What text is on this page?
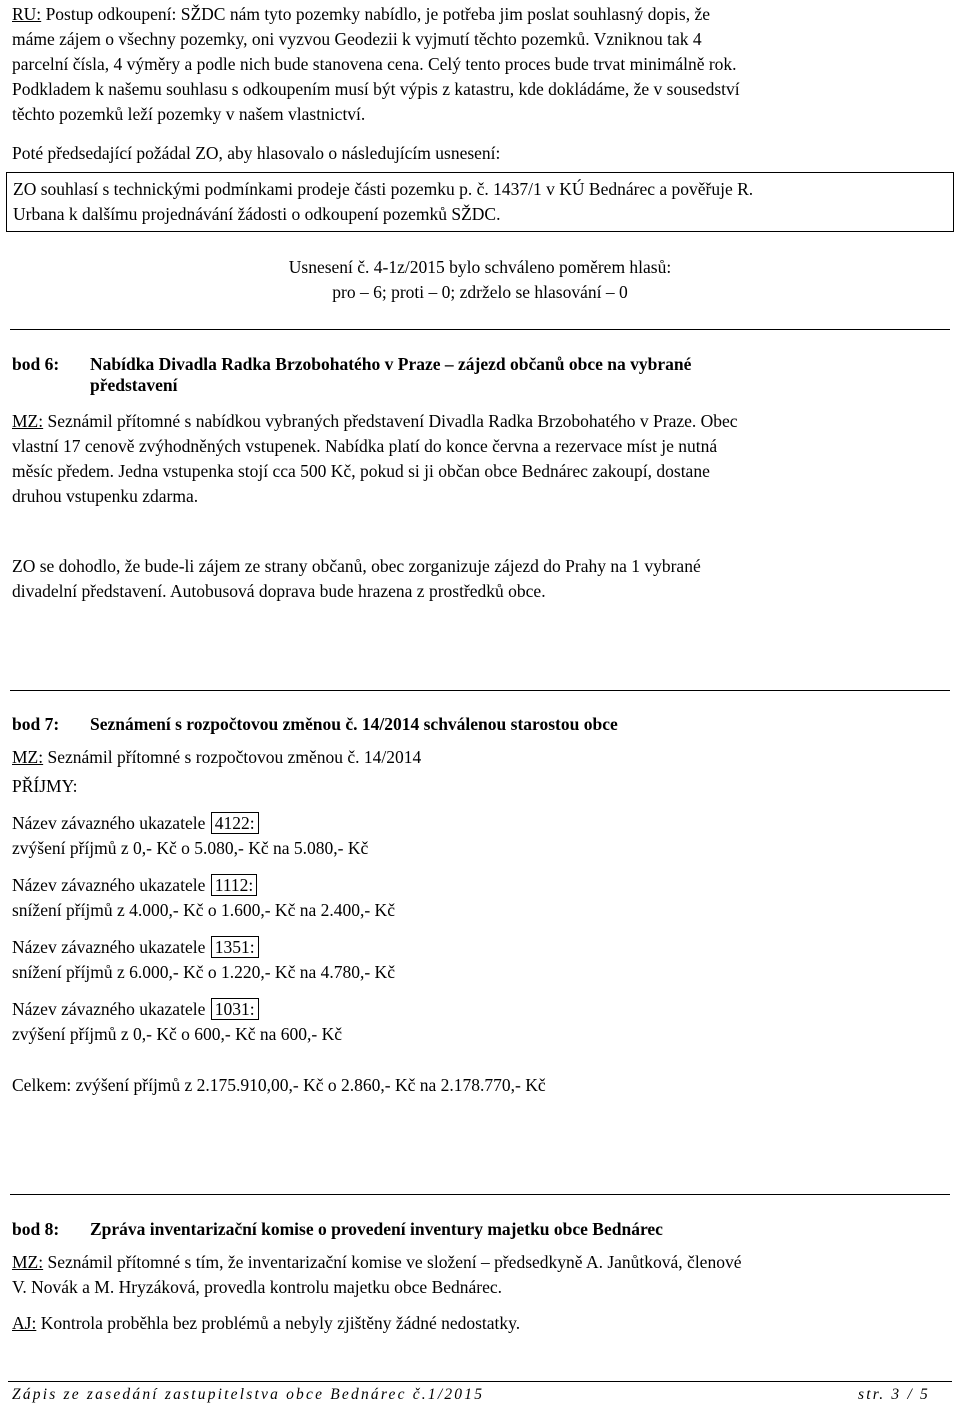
RU: Postup odkoupení: SŽDC nám tyto pozemky nabídlo, je potřeba jim poslat souhlasný dopis, že

máme zájem o všechny pozemky, oni vyzvou Geodezii k vyjmutí těchto pozemků. Vzniknou tak 4

parcelní čísla, 4 výměry a podle nich bude stanovena cena. Celý tento proces bude trvat minimálně rok.

Podkladem k našemu souhlasu s odkoupením musí být výpis z katastru, kde dokládáme, že v sousedství

těchto pozemků leží pozemky v našem vlastnictví.

Poté předsedající požádal ZO, aby hlasovalo o následujícím usnesení:

ZO souhlasí s technickými podmínkami prodeje části pozemku p. č. 1437/1 v KÚ Bednárec a pověřuje R.

Urbana k dalšímu projednávání žádosti o odkoupení pozemků SŽDC.

Usnesení č. 4-1z/2015 bylo schváleno poměrem hlasů:

pro – 6; proti – 0; zdrželo se hlasování – 0

bod 6:	Nabídka Divadla Radka Brzobohatého v Praze – zájezd občanů obce na vybrané
představení

MZ: Seznámil přítomné s nabídkou vybraných představení Divadla Radka Brzobohatého v Praze. Obec

vlastní 17 cenově zvýhodněných vstupenek. Nabídka platí do konce června a rezervace míst je nutná

měsíc předem. Jedna vstupenka stojí cca 500 Kč, pokud si ji občan obce Bednárec zakoupí, dostane

druhou vstupenku zdarma.

ZO se dohodlo, že bude-li zájem ze strany občanů, obec zorganizuje zájezd do Prahy na 1 vybrané

divadelní představení. Autobusová doprava bude hrazena z prostředků obce.

bod 7:	Seznámení s rozpočtovou změnou č. 14/2014 schválenou starostou obce

MZ: Seznámil přítomné s rozpočtovou změnou č. 14/2014

PŘÍJMY:

Název závazného ukazatele 4122:

zvýšení příjmů z 0,- Kč o 5.080,- Kč na 5.080,- Kč

Název závazného ukazatele 1112:

snížení příjmů z 4.000,- Kč o 1.600,- Kč na 2.400,- Kč

Název závazného ukazatele 1351:

snížení příjmů z 6.000,- Kč o 1.220,- Kč na 4.780,- Kč

Název závazného ukazatele 1031:

zvýšení příjmů z 0,- Kč o 600,- Kč na 600,- Kč

Celkem: zvýšení příjmů z 2.175.910,00,- Kč o 2.860,- Kč na 2.178.770,- Kč

bod 8:	Zpráva inventarizační komise o provedení inventury majetku obce Bednárec

MZ: Seznámil přítomné s tím, že inventarizační komise ve složení – předsedkyně A. Janůtková, členové

V. Novák a M. Hryzáková, provedla kontrolu majetku obce Bednárec.

AJ: Kontrola proběhla bez problémů a nebyly zjištěny žádné nedostatky.

Zápis ze zasedání zastupitelstva obce Bednárec č.1/2015	str. 3 / 5
